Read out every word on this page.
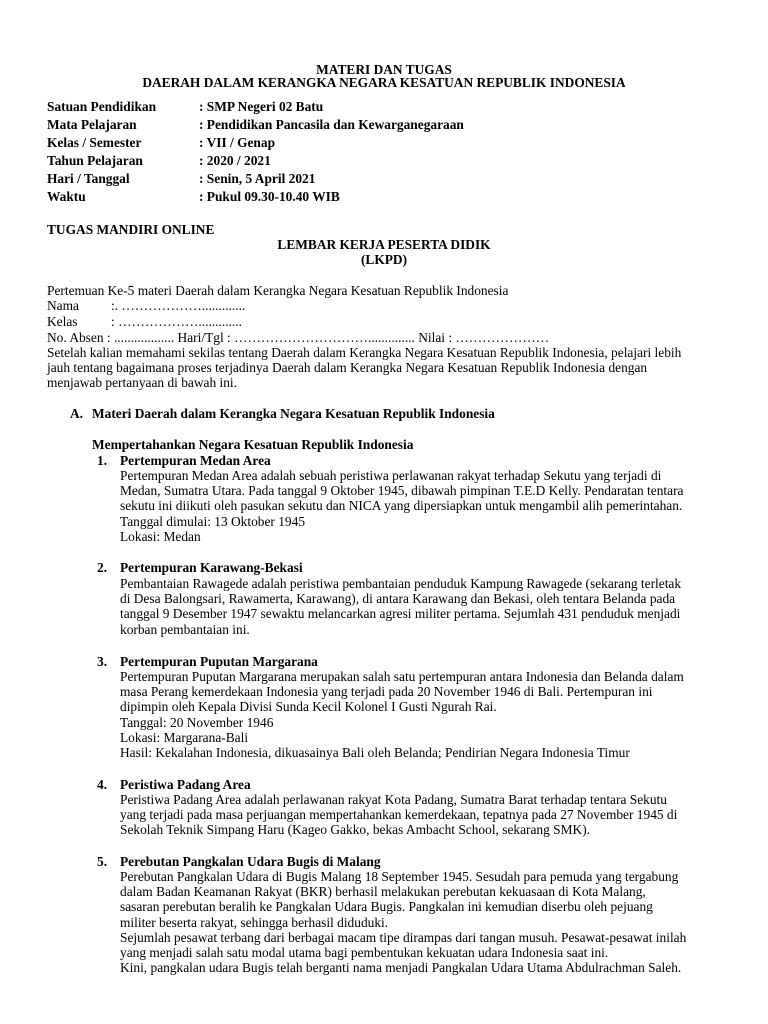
MATERI DAN TUGAS
DAERAH DALAM KERANGKA NEGARA KESATUAN REPUBLIK INDONESIA
Satuan Pendidikan	: SMP Negeri 02 Batu
Mata Pelajaran	: Pendidikan Pancasila dan Kewarganegaraan
Kelas / Semester	: VII / Genap
Tahun Pelajaran	: 2020 / 2021
Hari / Tanggal	: Senin, 5 April 2021
Waktu	: Pukul 09.30-10.40 WIB
TUGAS MANDIRI ONLINE
LEMBAR KERJA PESERTA DIDIK
(LKPD)
Pertemuan Ke-5 materi Daerah dalam Kerangka Negara Kesatuan Republik Indonesia
Nama :. ……………….............
Kelas	: ……………….............
No. Absen : .................. Hari/Tgl : ………………………….............. Nilai : …………………
Setelah kalian memahami sekilas tentang Daerah dalam Kerangka Negara Kesatuan Republik Indonesia, pelajari lebih
jauh tentang bagaimana proses terjadinya Daerah dalam Kerangka Negara Kesatuan Republik Indonesia dengan
menjawab pertanyaan di bawah ini.
A. Materi Daerah dalam Kerangka Negara Kesatuan Republik Indonesia
Mempertahankan Negara Kesatuan Republik Indonesia
1. Pertempuran Medan Area
Pertempuran Medan Area adalah sebuah peristiwa perlawanan rakyat terhadap Sekutu yang terjadi di
Medan, Sumatra Utara. Pada tanggal 9 Oktober 1945, dibawah pimpinan T.E.D Kelly. Pendaratan tentara
sekutu ini diikuti oleh pasukan sekutu dan NICA yang dipersiapkan untuk mengambil alih pemerintahan.
Tanggal dimulai: 13 Oktober 1945
Lokasi: Medan
2. Pertempuran Karawang-Bekasi
Pembantaian Rawagede adalah peristiwa pembantaian penduduk Kampung Rawagede (sekarang terletak
di Desa Balongsari, Rawamerta, Karawang), di antara Karawang dan Bekasi, oleh tentara Belanda pada
tanggal 9 Desember 1947 sewaktu melancarkan agresi militer pertama. Sejumlah 431 penduduk menjadi
korban pembantaian ini.
3. Pertempuran Puputan Margarana
Pertempuran Puputan Margarana merupakan salah satu pertempuran antara Indonesia dan Belanda dalam
masa Perang kemerdekaan Indonesia yang terjadi pada 20 November 1946 di Bali. Pertempuran ini
dipimpin oleh Kepala Divisi Sunda Kecil Kolonel I Gusti Ngurah Rai.
Tanggal: 20 November 1946
Lokasi: Margarana-Bali
Hasil: Kekalahan Indonesia, dikuasainya Bali oleh Belanda; Pendirian Negara Indonesia Timur
4. Peristiwa Padang Area
Peristiwa Padang Area adalah perlawanan rakyat Kota Padang, Sumatra Barat terhadap tentara Sekutu
yang terjadi pada masa perjuangan mempertahankan kemerdekaan, tepatnya pada 27 November 1945 di
Sekolah Teknik Simpang Haru (Kageo Gakko, bekas Ambacht School, sekarang SMK).
5. Perebutan Pangkalan Udara Bugis di Malang
Perebutan Pangkalan Udara di Bugis Malang 18 September 1945. Sesudah para pemuda yang tergabung
dalam Badan Keamanan Rakyat (BKR) berhasil melakukan perebutan kekuasaan di Kota Malang,
sasaran perebutan beralih ke Pangkalan Udara Bugis. Pangkalan ini kemudian diserbu oleh pejuang
militer beserta rakyat, sehingga berhasil diduduki.
Sejumlah pesawat terbang dari berbagai macam tipe dirampas dari tangan musuh. Pesawat-pesawat inilah
yang menjadi salah satu modal utama bagi pembentukan kekuatan udara Indonesia saat ini.
Kini, pangkalan udara Bugis telah berganti nama menjadi Pangkalan Udara Utama Abdulrachman Saleh.
